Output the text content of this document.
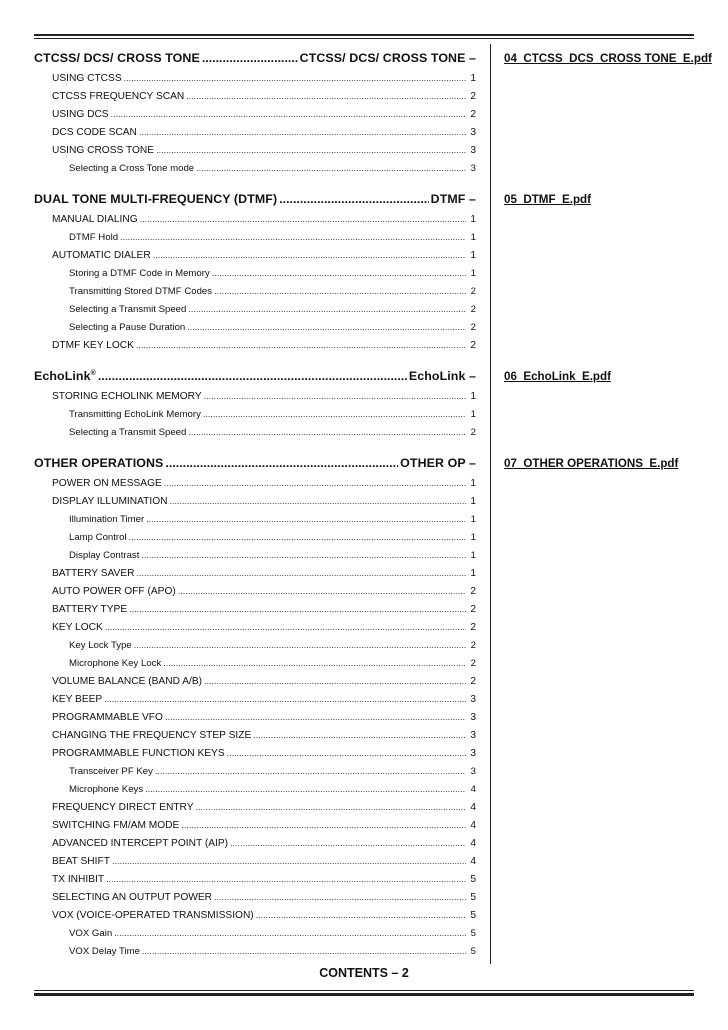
CTCSS/ DCS/ CROSS TONE .....	CTCSS/ DCS/ CROSS TONE –
USING CTCSS .....	1
CTCSS FREQUENCY SCAN .....	2
USING DCS .....	2
DCS CODE SCAN .....	3
USING CROSS TONE .....	3
Selecting a Cross Tone mode .....	3
DUAL TONE MULTI-FREQUENCY (DTMF) .....	DTMF –
MANUAL DIALING .....	1
DTMF Hold .....	1
AUTOMATIC DIALER .....	1
Storing a DTMF Code in Memory .....	1
Transmitting Stored DTMF Codes .....	2
Selecting a Transmit Speed .....	2
Selecting a Pause Duration .....	2
DTMF KEY LOCK .....	2
EchoLink® .....	EchoLink –
STORING ECHOLINK MEMORY .....	1
Transmitting EchoLink Memory .....	1
Selecting a Transmit Speed .....	2
OTHER OPERATIONS .....	OTHER OP –
POWER ON MESSAGE .....	1
DISPLAY ILLUMINATION .....	1
Illumination Timer .....	1
Lamp Control .....	1
Display Contrast .....	1
BATTERY SAVER .....	1
AUTO POWER OFF (APO) .....	2
BATTERY TYPE .....	2
KEY LOCK .....	2
Key Lock Type .....	2
Microphone Key Lock .....	2
VOLUME BALANCE (BAND A/B) .....	2
KEY BEEP .....	3
PROGRAMMABLE VFO .....	3
CHANGING THE FREQUENCY STEP SIZE .....	3
PROGRAMMABLE FUNCTION KEYS .....	3
Transceiver PF Key .....	3
Microphone Keys .....	4
FREQUENCY DIRECT ENTRY .....	4
SWITCHING FM/AM MODE .....	4
ADVANCED INTERCEPT POINT (AIP) .....	4
BEAT SHIFT .....	4
TX INHIBIT .....	5
SELECTING AN OUTPUT POWER .....	5
VOX (VOICE-OPERATED TRANSMISSION) .....	5
VOX Gain .....	5
VOX Delay Time .....	5
04_CTCSS_DCS_CROSS TONE_E.pdf
05_DTMF_E.pdf
06_EchoLink_E.pdf
07_OTHER OPERATIONS_E.pdf
CONTENTS – 2
